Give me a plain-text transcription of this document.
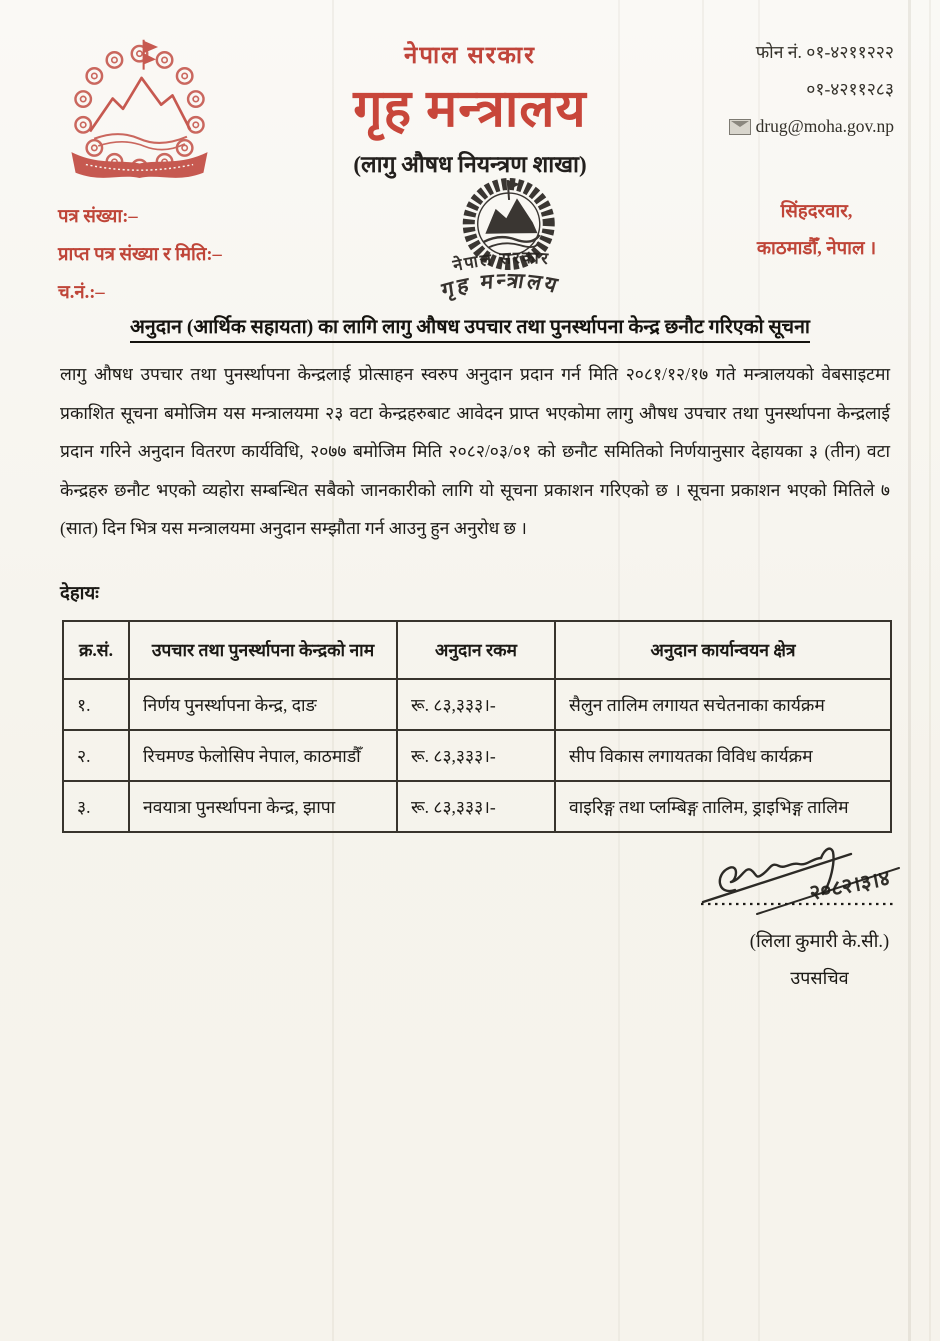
नेपाल सरकार
गृह मन्त्रालय
(लागु औषध नियन्त्रण शाखा)
फोन नं. ०१-४२११२२२
०१-४२११२८३
drug@moha.gov.np
पत्र संख्या:–
प्राप्त पत्र संख्या र मिति:–
च.नं.:–
नेपाल सरकार
गृह मन्त्रालय
सिंहदरवार,
काठमाडौँ, नेपाल ।
अनुदान (आर्थिक सहायता) का लागि लागु औषध उपचार तथा पुनर्स्थापना केन्द्र छनौट गरिएको सूचना

लागु औषध उपचार तथा पुनर्स्थापना केन्द्रलाई प्रोत्साहन स्वरुप अनुदान प्रदान गर्न मिति २०८१/१२/१७ गते मन्त्रालयको वेबसाइटमा प्रकाशित सूचना बमोजिम यस मन्त्रालयमा २३ वटा केन्द्रहरुबाट आवेदन प्राप्त भएकोमा लागु औषध उपचार तथा पुनर्स्थापना केन्द्रलाई प्रदान गरिने अनुदान वितरण कार्यविधि, २०७७ बमोजिम मिति २०८२/०३/०१ को छनौट समितिको निर्णयानुसार देहायका ३ (तीन) वटा केन्द्रहरु छनौट भएको व्यहोरा सम्बन्धित सबैको जानकारीको लागि यो सूचना प्रकाशन गरिएको छ । सूचना प्रकाशन भएको मितिले ७ (सात) दिन भित्र यस मन्त्रालयमा अनुदान सम्झौता गर्न आउनु हुन अनुरोध छ ।

देहायः
क्र.सं.	उपचार तथा पुनर्स्थापना केन्द्रको नाम	अनुदान रकम	अनुदान कार्यान्वयन क्षेत्र
१.	निर्णय पुनर्स्थापना केन्द्र, दाङ	रू. ८३,३३३।-	सैलुन तालिम लगायत सचेतनाका कार्यक्रम
२.	रिचमण्ड फेलोसिप नेपाल, काठमाडौँ	रू. ८३,३३३।-	सीप विकास लगायतका विविध कार्यक्रम
३.	नवयात्रा पुनर्स्थापना केन्द्र, झापा	रू. ८३,३३३।-	वाइरिङ्ग तथा प्लम्बिङ्ग तालिम, ड्राइभिङ्ग तालिम
२०८२।३।४
(लिला कुमारी के.सी.)
उपसचिव
